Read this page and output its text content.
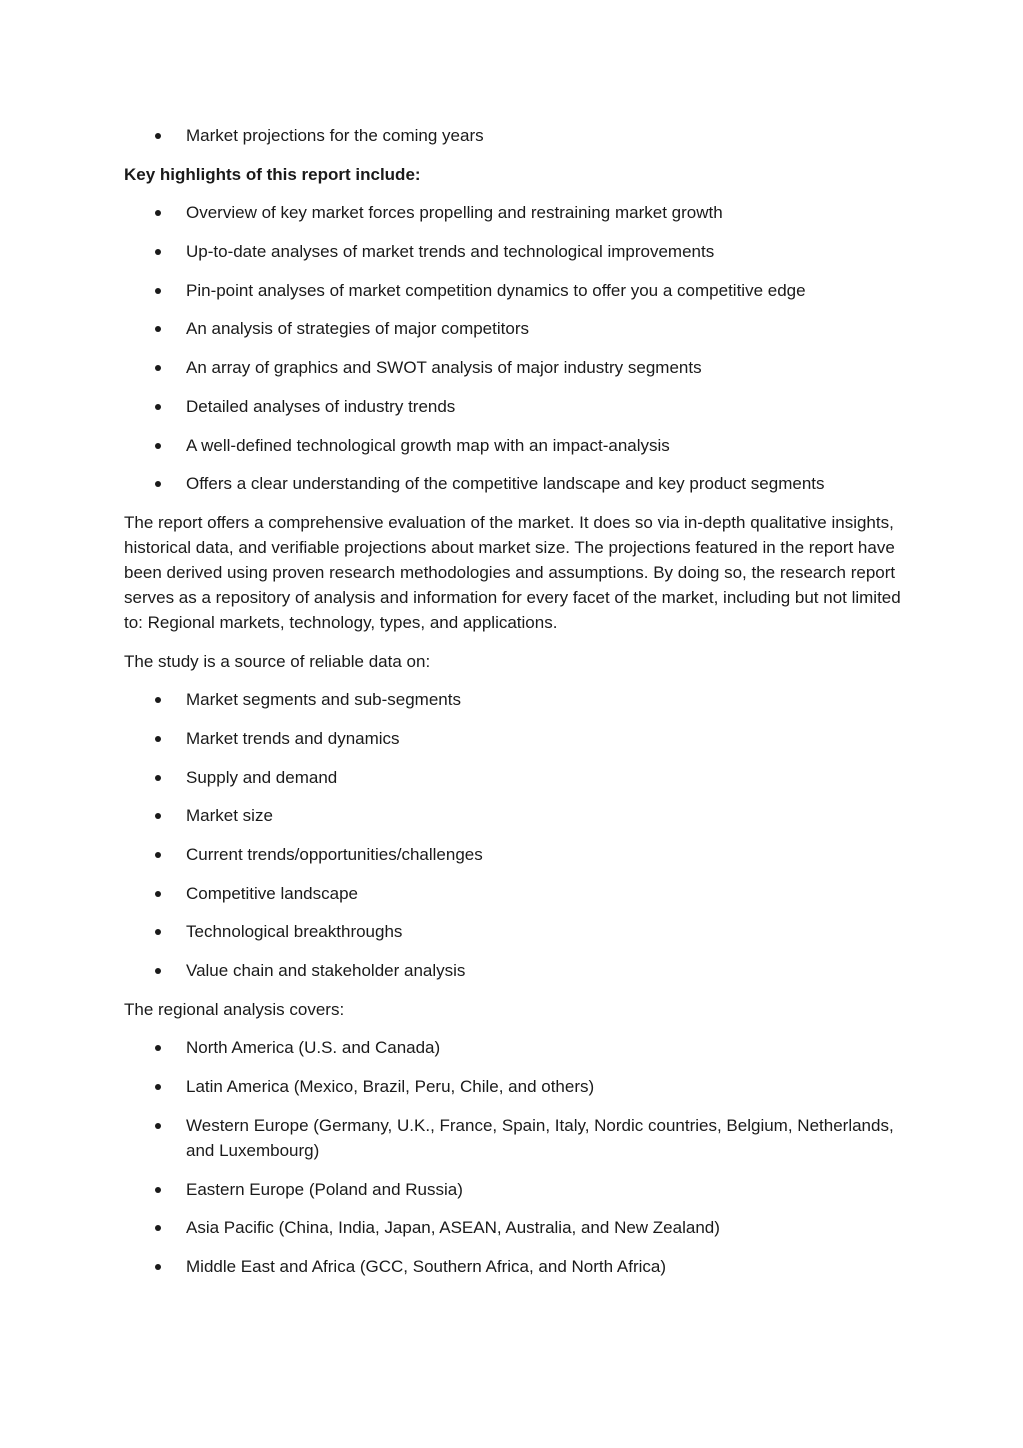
Market projections for the coming years

Key highlights of this report include:

Overview of key market forces propelling and restraining market growth
Up-to-date analyses of market trends and technological improvements
Pin-point analyses of market competition dynamics to offer you a competitive edge
An analysis of strategies of major competitors
An array of graphics and SWOT analysis of major industry segments
Detailed analyses of industry trends
A well-defined technological growth map with an impact-analysis
Offers a clear understanding of the competitive landscape and key product segments

The report offers a comprehensive evaluation of the market. It does so via in-depth qualitative insights, historical data, and verifiable projections about market size. The projections featured in the report have been derived using proven research methodologies and assumptions. By doing so, the research report serves as a repository of analysis and information for every facet of the market, including but not limited to: Regional markets, technology, types, and applications.

The study is a source of reliable data on:

Market segments and sub-segments
Market trends and dynamics
Supply and demand
Market size
Current trends/opportunities/challenges
Competitive landscape
Technological breakthroughs
Value chain and stakeholder analysis

The regional analysis covers:

North America (U.S. and Canada)
Latin America (Mexico, Brazil, Peru, Chile, and others)
Western Europe (Germany, U.K., France, Spain, Italy, Nordic countries, Belgium, Netherlands, and Luxembourg)
Eastern Europe (Poland and Russia)
Asia Pacific (China, India, Japan, ASEAN, Australia, and New Zealand)
Middle East and Africa (GCC, Southern Africa, and North Africa)
